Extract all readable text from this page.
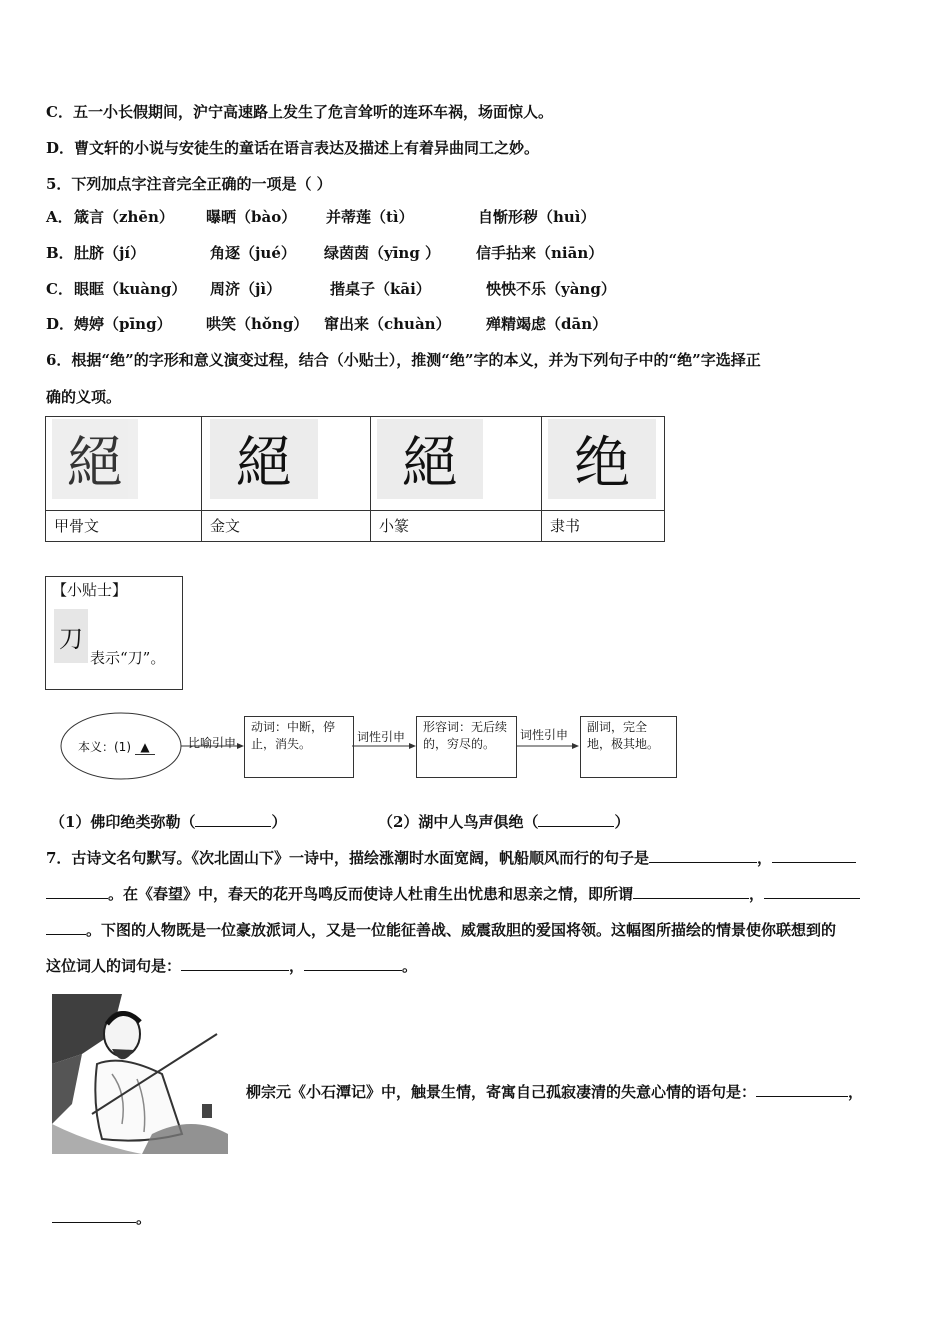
C．五一小长假期间，沪宁高速路上发生了危言耸听的连环车祸，场面惊人。
D．曹文轩的小说与安徒生的童话在语言表达及描述上有着异曲同工之妙。
5．下列加点字注音完全正确的一项是（ ）
A．箴言（zhēn） 曝晒（bào） 并蒂莲（tì）	自惭形秽（huì）
B．肚脐（jí）	角逐（jué） 绿茵茵（yīng ） 信手拈来（niān）
C．眼眶（kuàng） 周济（jì）	揩桌子（kāi）	怏怏不乐（yàng）
D．娉婷（pīng） 哄笑（hǒng） 窜出来（chuàn） 殚精竭虑（dān）
6．根据“绝”的字形和意义演变过程，结合（小贴士），推测“绝”字的本义，并为下列句子中的“绝”字选择正
确的义项。
絕	絕	絕	绝

甲骨文	金文	小篆	隶书
【小贴士】
刀
表示“刀”。
本义：(1) ▲	比喻引申
动词：中断，停止，消失。	词性引申
形容词：无后续的，穷尽的。
词性引申
副词，完全地，极其地。
（1）佛印绝类弥勒（	）	（2）湖中人鸟声俱绝（	）
7．古诗文名句默写。《次北固山下》一诗中，描绘涨潮时水面宽阔，帆船顺风而行的句子是	，
。在《春望》中，春天的花开鸟鸣反而使诗人杜甫生出忧患和思亲之情，即所谓	，
。下图的人物既是一位豪放派词人，又是一位能征善战、威震敌胆的爱国将领。这幅图所描绘的情景使你联想到的
这位词人的词句是：	，	。
柳宗元《小石潭记》中，触景生情，寄寓自己孤寂凄清的失意心情的语句是：	，
。
